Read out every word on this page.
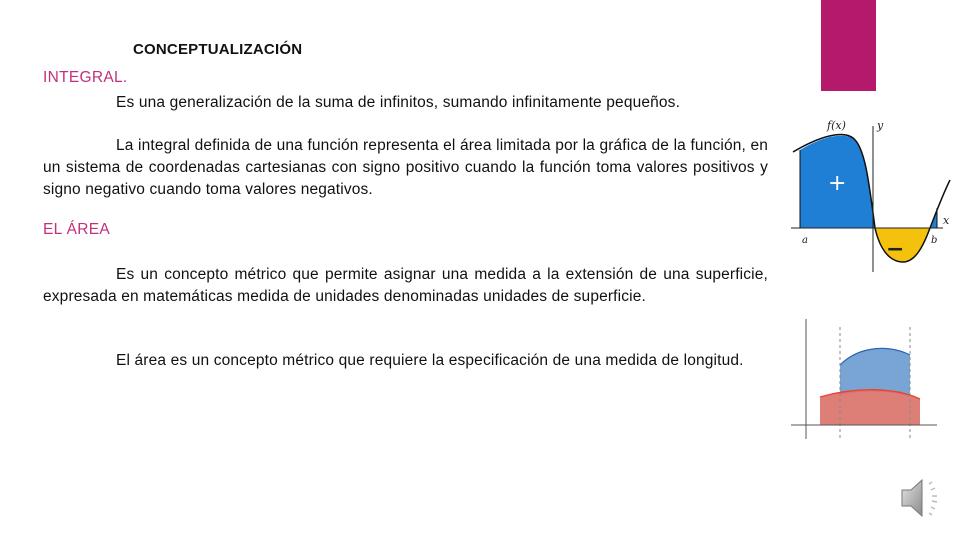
CONCEPTUALIZACIÓN
INTEGRAL.
Es una generalización de la suma de infinitos, sumando infinitamente pequeños.
La integral definida de una función representa el área limitada por la gráfica de la función, en un sistema de coordenadas cartesianas con signo positivo cuando la función toma valores positivos y signo negativo cuando toma valores negativos.
EL ÁREA
Es un concepto métrico que permite asignar una medida a la extensión de una superficie, expresada en matemáticas medida de unidades denominadas unidades de superficie.
El área es un concepto métrico que requiere la especificación de una medida de longitud.
f(x)	y
x
a	b
+
−
